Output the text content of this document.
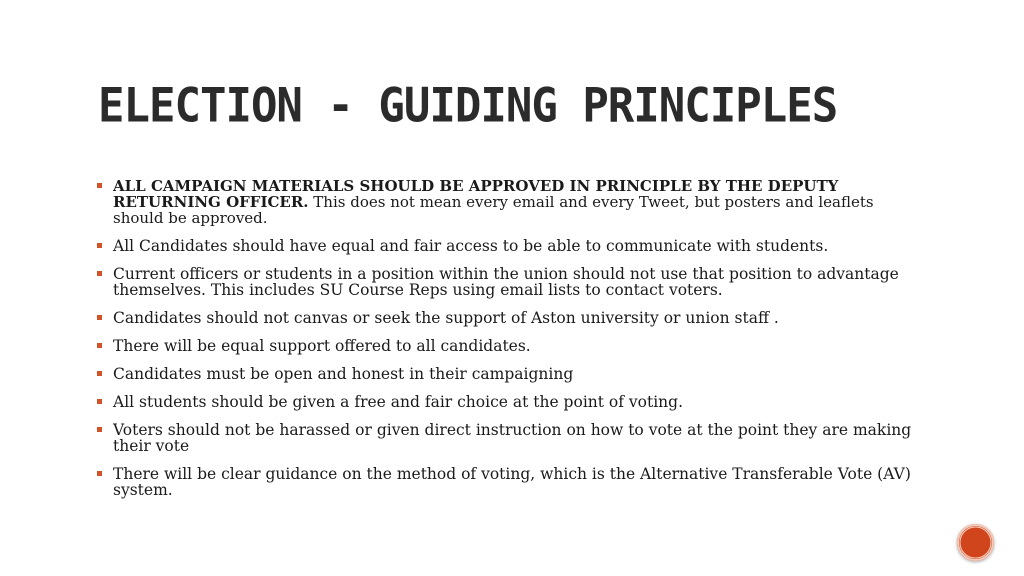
ELECTION - GUIDING PRINCIPLES
ALL CAMPAIGN MATERIALS SHOULD BE APPROVED IN PRINCIPLE BY THE DEPUTY RETURNING OFFICER. This does not mean every email and every Tweet, but posters and leaflets should be approved.
All Candidates should have equal and fair access to be able to communicate with students.
Current officers or students in a position within the union should not use that position to advantage themselves. This includes SU Course Reps using email lists to contact voters.
Candidates should not canvas or seek the support of Aston university or union staff .
There will be equal support offered to all candidates.
Candidates must be open and honest in their campaigning
All students should be given a free and fair choice at the point of voting.
Voters should not be harassed or given direct instruction on how to vote at the point they are making their vote
There will be clear guidance on the method of voting, which is the Alternative Transferable Vote (AV) system.
